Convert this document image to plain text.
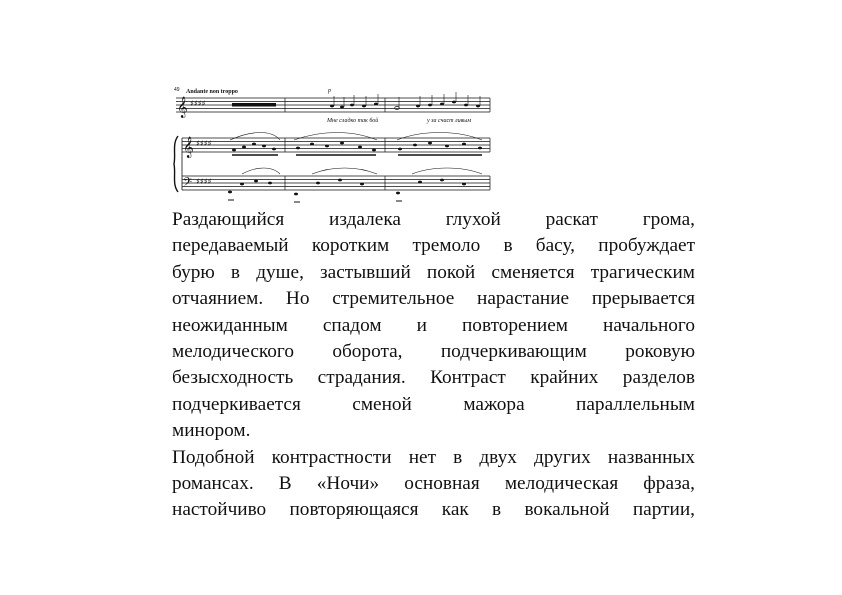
49 Andante non troppo
𝄞 ♯♯♯♯
p
Мне сладко так бой	у за счаст ливым
𝄞 ♯♯♯♯
𝄢 ♯♯♯♯

Раздающийся издалека глухой раскат грома,
передаваемый коротким тремоло в басу, пробуждает
бурю в душе, застывший покой сменяется трагическим
отчаянием. Но стремительное нарастание прерывается
неожиданным спадом и повторением начального
мелодического оборота, подчеркивающим роковую
безысходность страдания. Контраст крайних разделов
подчеркивается сменой мажора параллельным
минором.

Подобной контрастности нет в двух других названных
романсах. В «Ночи» основная мелодическая фраза,
настойчиво повторяющаяся как в вокальной партии,
